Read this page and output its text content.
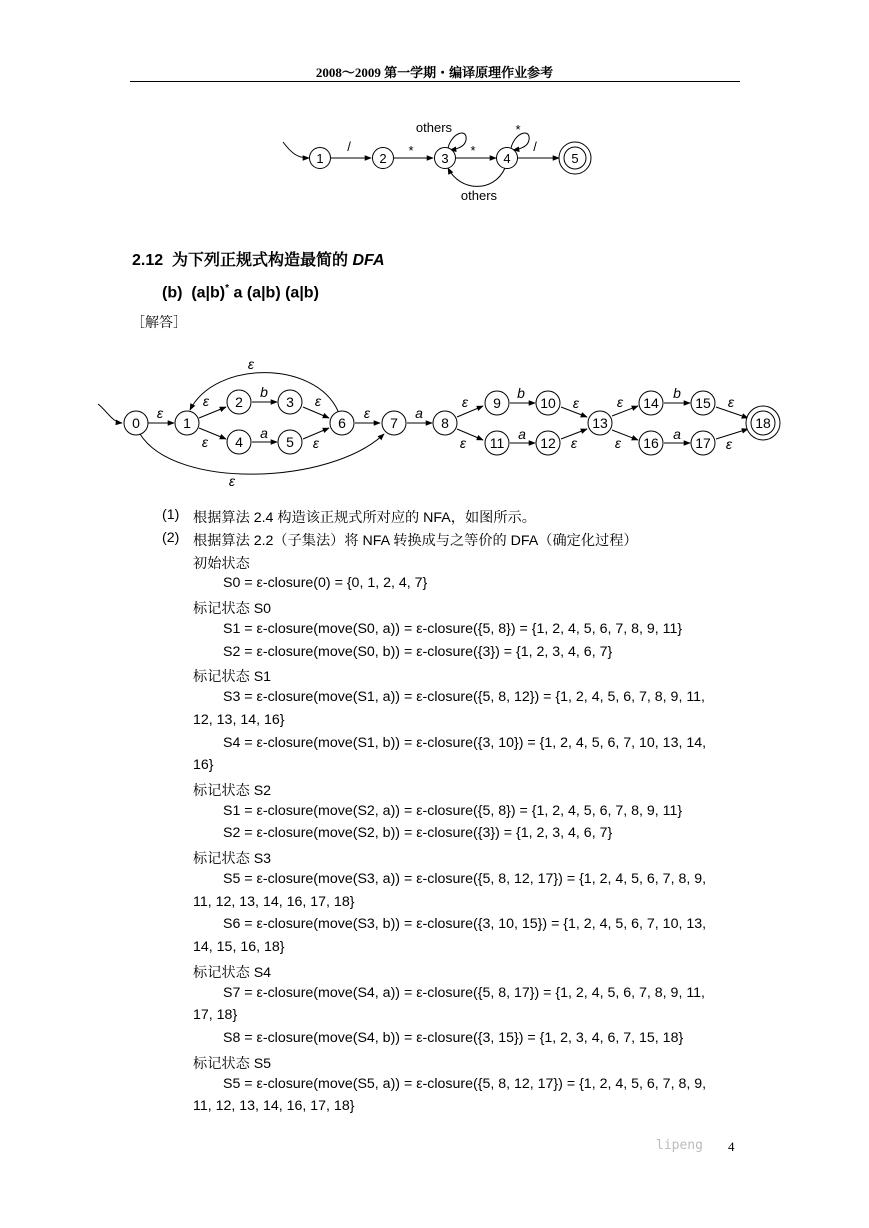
2008～2009 第一学期・编译原理作业参考
1	2	3	4	5
/	*
others
*
*
/
others
2.12 为下列正规式构造最简的 DFA
(b) (a|b)* a (a|b) (a|b)
［解答］
0	1
2	3
4	5
6	7	8
9	10
11	12
13
14	15
16	17
18
ε
ε
ε
ε
b
a
ε
ε
ε	a
ε
ε
b
a
ε
ε
ε
ε
b
a
ε
ε
ε
(1) 根据算法 2.4 构造该正规式所对应的 NFA，如图所示。
(2) 根据算法 2.2（子集法）将 NFA 转换成与之等价的 DFA（确定化过程）
初始状态
S0 = ε-closure(0) = {0, 1, 2, 4, 7}
标记状态 S0
S1 = ε-closure(move(S0, a)) = ε-closure({5, 8}) = {1, 2, 4, 5, 6, 7, 8, 9, 11}
S2 = ε-closure(move(S0, b)) = ε-closure({3}) = {1, 2, 3, 4, 6, 7}
标记状态 S1
S3 = ε-closure(move(S1, a)) = ε-closure({5, 8, 12}) = {1, 2, 4, 5, 6, 7, 8, 9, 11,
12, 13, 14, 16}
S4 = ε-closure(move(S1, b)) = ε-closure({3, 10}) = {1, 2, 4, 5, 6, 7, 10, 13, 14,
16}
标记状态 S2
S1 = ε-closure(move(S2, a)) = ε-closure({5, 8}) = {1, 2, 4, 5, 6, 7, 8, 9, 11}
S2 = ε-closure(move(S2, b)) = ε-closure({3}) = {1, 2, 3, 4, 6, 7}
标记状态 S3
S5 = ε-closure(move(S3, a)) = ε-closure({5, 8, 12, 17}) = {1, 2, 4, 5, 6, 7, 8, 9,
11, 12, 13, 14, 16, 17, 18}
S6 = ε-closure(move(S3, b)) = ε-closure({3, 10, 15}) = {1, 2, 4, 5, 6, 7, 10, 13,
14, 15, 16, 18}
标记状态 S4
S7 = ε-closure(move(S4, a)) = ε-closure({5, 8, 17}) = {1, 2, 4, 5, 6, 7, 8, 9, 11,
17, 18}
S8 = ε-closure(move(S4, b)) = ε-closure({3, 15}) = {1, 2, 3, 4, 6, 7, 15, 18}
标记状态 S5
S5 = ε-closure(move(S5, a)) = ε-closure({5, 8, 12, 17}) = {1, 2, 4, 5, 6, 7, 8, 9,
11, 12, 13, 14, 16, 17, 18}
lipeng 4
